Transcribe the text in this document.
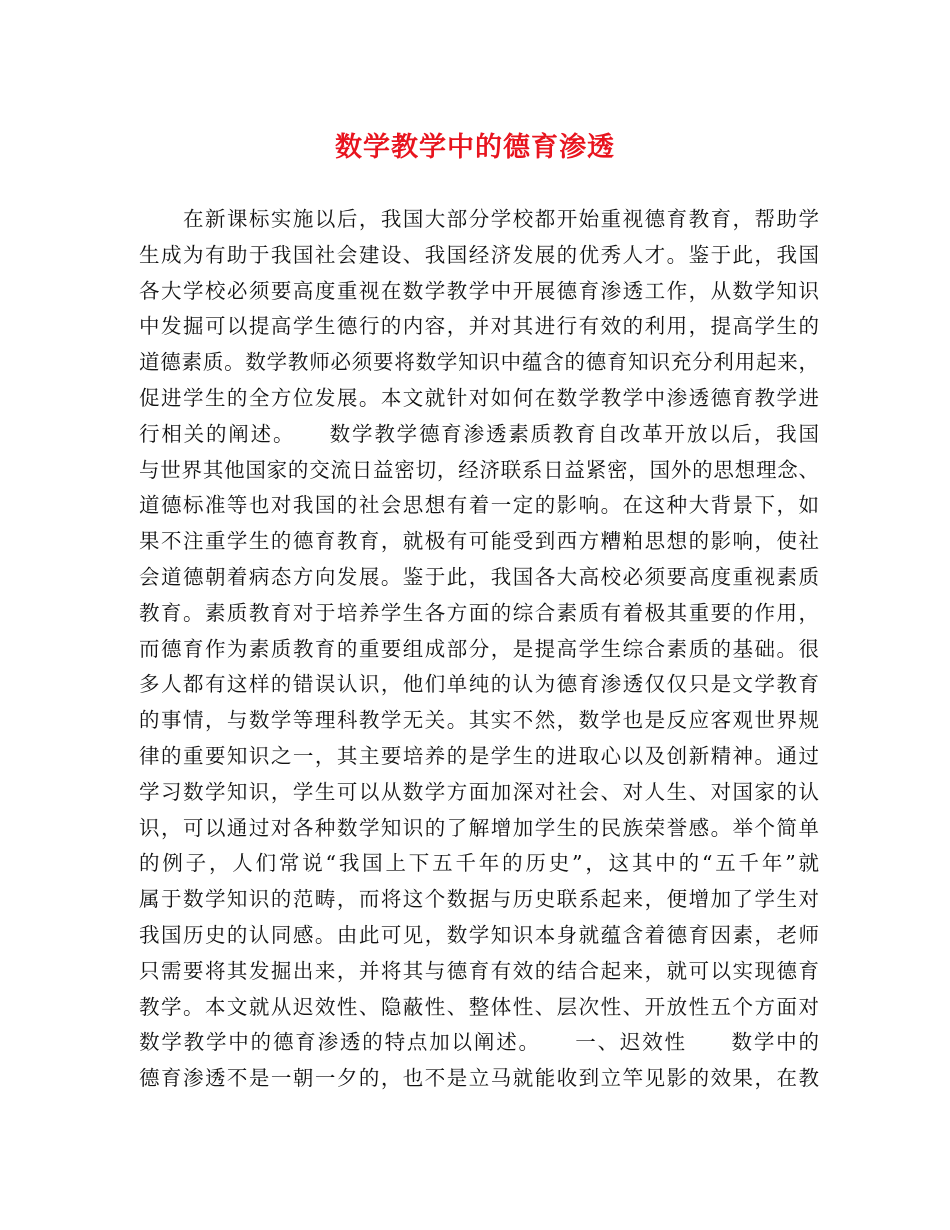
数学教学中的德育渗透
在新课标实施以后，我国大部分学校都开始重视德育教育，帮助学
生成为有助于我国社会建设、我国经济发展的优秀人才。鉴于此，我国
各大学校必须要高度重视在数学教学中开展德育渗透工作，从数学知识
中发掘可以提高学生德行的内容，并对其进行有效的利用，提高学生的
道德素质。数学教师必须要将数学知识中蕴含的德育知识充分利用起来，
促进学生的全方位发展。本文就针对如何在数学教学中渗透德育教学进
行相关的阐述。　　数学教学德育渗透素质教育自改革开放以后，我国
与世界其他国家的交流日益密切，经济联系日益紧密，国外的思想理念、
道德标准等也对我国的社会思想有着一定的影响。在这种大背景下，如
果不注重学生的德育教育，就极有可能受到西方糟粕思想的影响，使社
会道德朝着病态方向发展。鉴于此，我国各大高校必须要高度重视素质
教育。素质教育对于培养学生各方面的综合素质有着极其重要的作用，
而德育作为素质教育的重要组成部分，是提高学生综合素质的基础。很
多人都有这样的错误认识，他们单纯的认为德育渗透仅仅只是文学教育
的事情，与数学等理科教学无关。其实不然，数学也是反应客观世界规
律的重要知识之一，其主要培养的是学生的进取心以及创新精神。通过
学习数学知识，学生可以从数学方面加深对社会、对人生、对国家的认
识，可以通过对各种数学知识的了解增加学生的民族荣誉感。举个简单
的例子，人们常说“我国上下五千年的历史”，这其中的“五千年”就
属于数学知识的范畴，而将这个数据与历史联系起来，便增加了学生对
我国历史的认同感。由此可见，数学知识本身就蕴含着德育因素，老师
只需要将其发掘出来，并将其与德育有效的结合起来，就可以实现德育
教学。本文就从迟效性、隐蔽性、整体性、层次性、开放性五个方面对
数学教学中的德育渗透的特点加以阐述。　　一、迟效性　　数学中的
德育渗透不是一朝一夕的，也不是立马就能收到立竿见影的效果，在教
